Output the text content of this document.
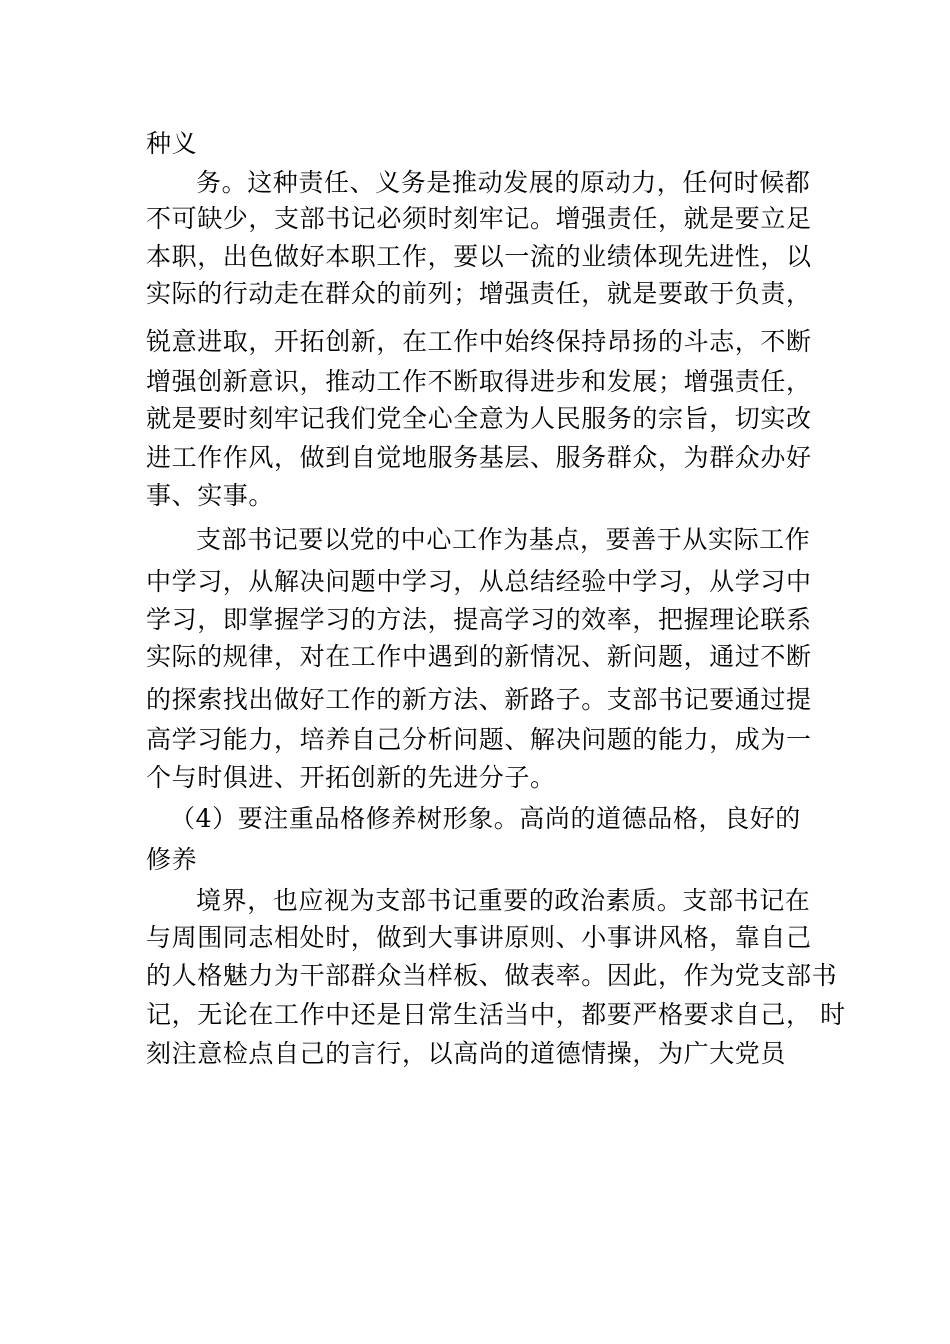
种义
务。这种责任、义务是推动发展的原动力，任何时候都
不可缺少，支部书记必须时刻牢记。增强责任，就是要立足
本职，出色做好本职工作，要以一流的业绩体现先进性，以
实际的行动走在群众的前列；增强责任，就是要敢于负责，
锐意进取，开拓创新，在工作中始终保持昂扬的斗志，不断
增强创新意识，推动工作不断取得进步和发展；增强责任，
就是要时刻牢记我们党全心全意为人民服务的宗旨，切实改
进工作作风，做到自觉地服务基层、服务群众，为群众办好
事、实事。
支部书记要以党的中心工作为基点，要善于从实际工作
中学习，从解决问题中学习，从总结经验中学习，从学习中
学习，即掌握学习的方法，提高学习的效率，把握理论联系
实际的规律，对在工作中遇到的新情况、新问题，通过不断
的探索找出做好工作的新方法、新路子。支部书记要通过提
高学习能力，培养自己分析问题、解决问题的能力，成为一
个与时俱进、开拓创新的先进分子。
（4）要注重品格修养树形象。高尚的道德品格，良好的
修养
境界，也应视为支部书记重要的政治素质。支部书记在
与周围同志相处时，做到大事讲原则、小事讲风格，靠自己
的人格魅力为干部群众当样板、做表率。因此，作为党支部书
记，无论在工作中还是日常生活当中，都要严格要求自己， 时
刻注意检点自己的言行，以高尚的道德情操，为广大党员
